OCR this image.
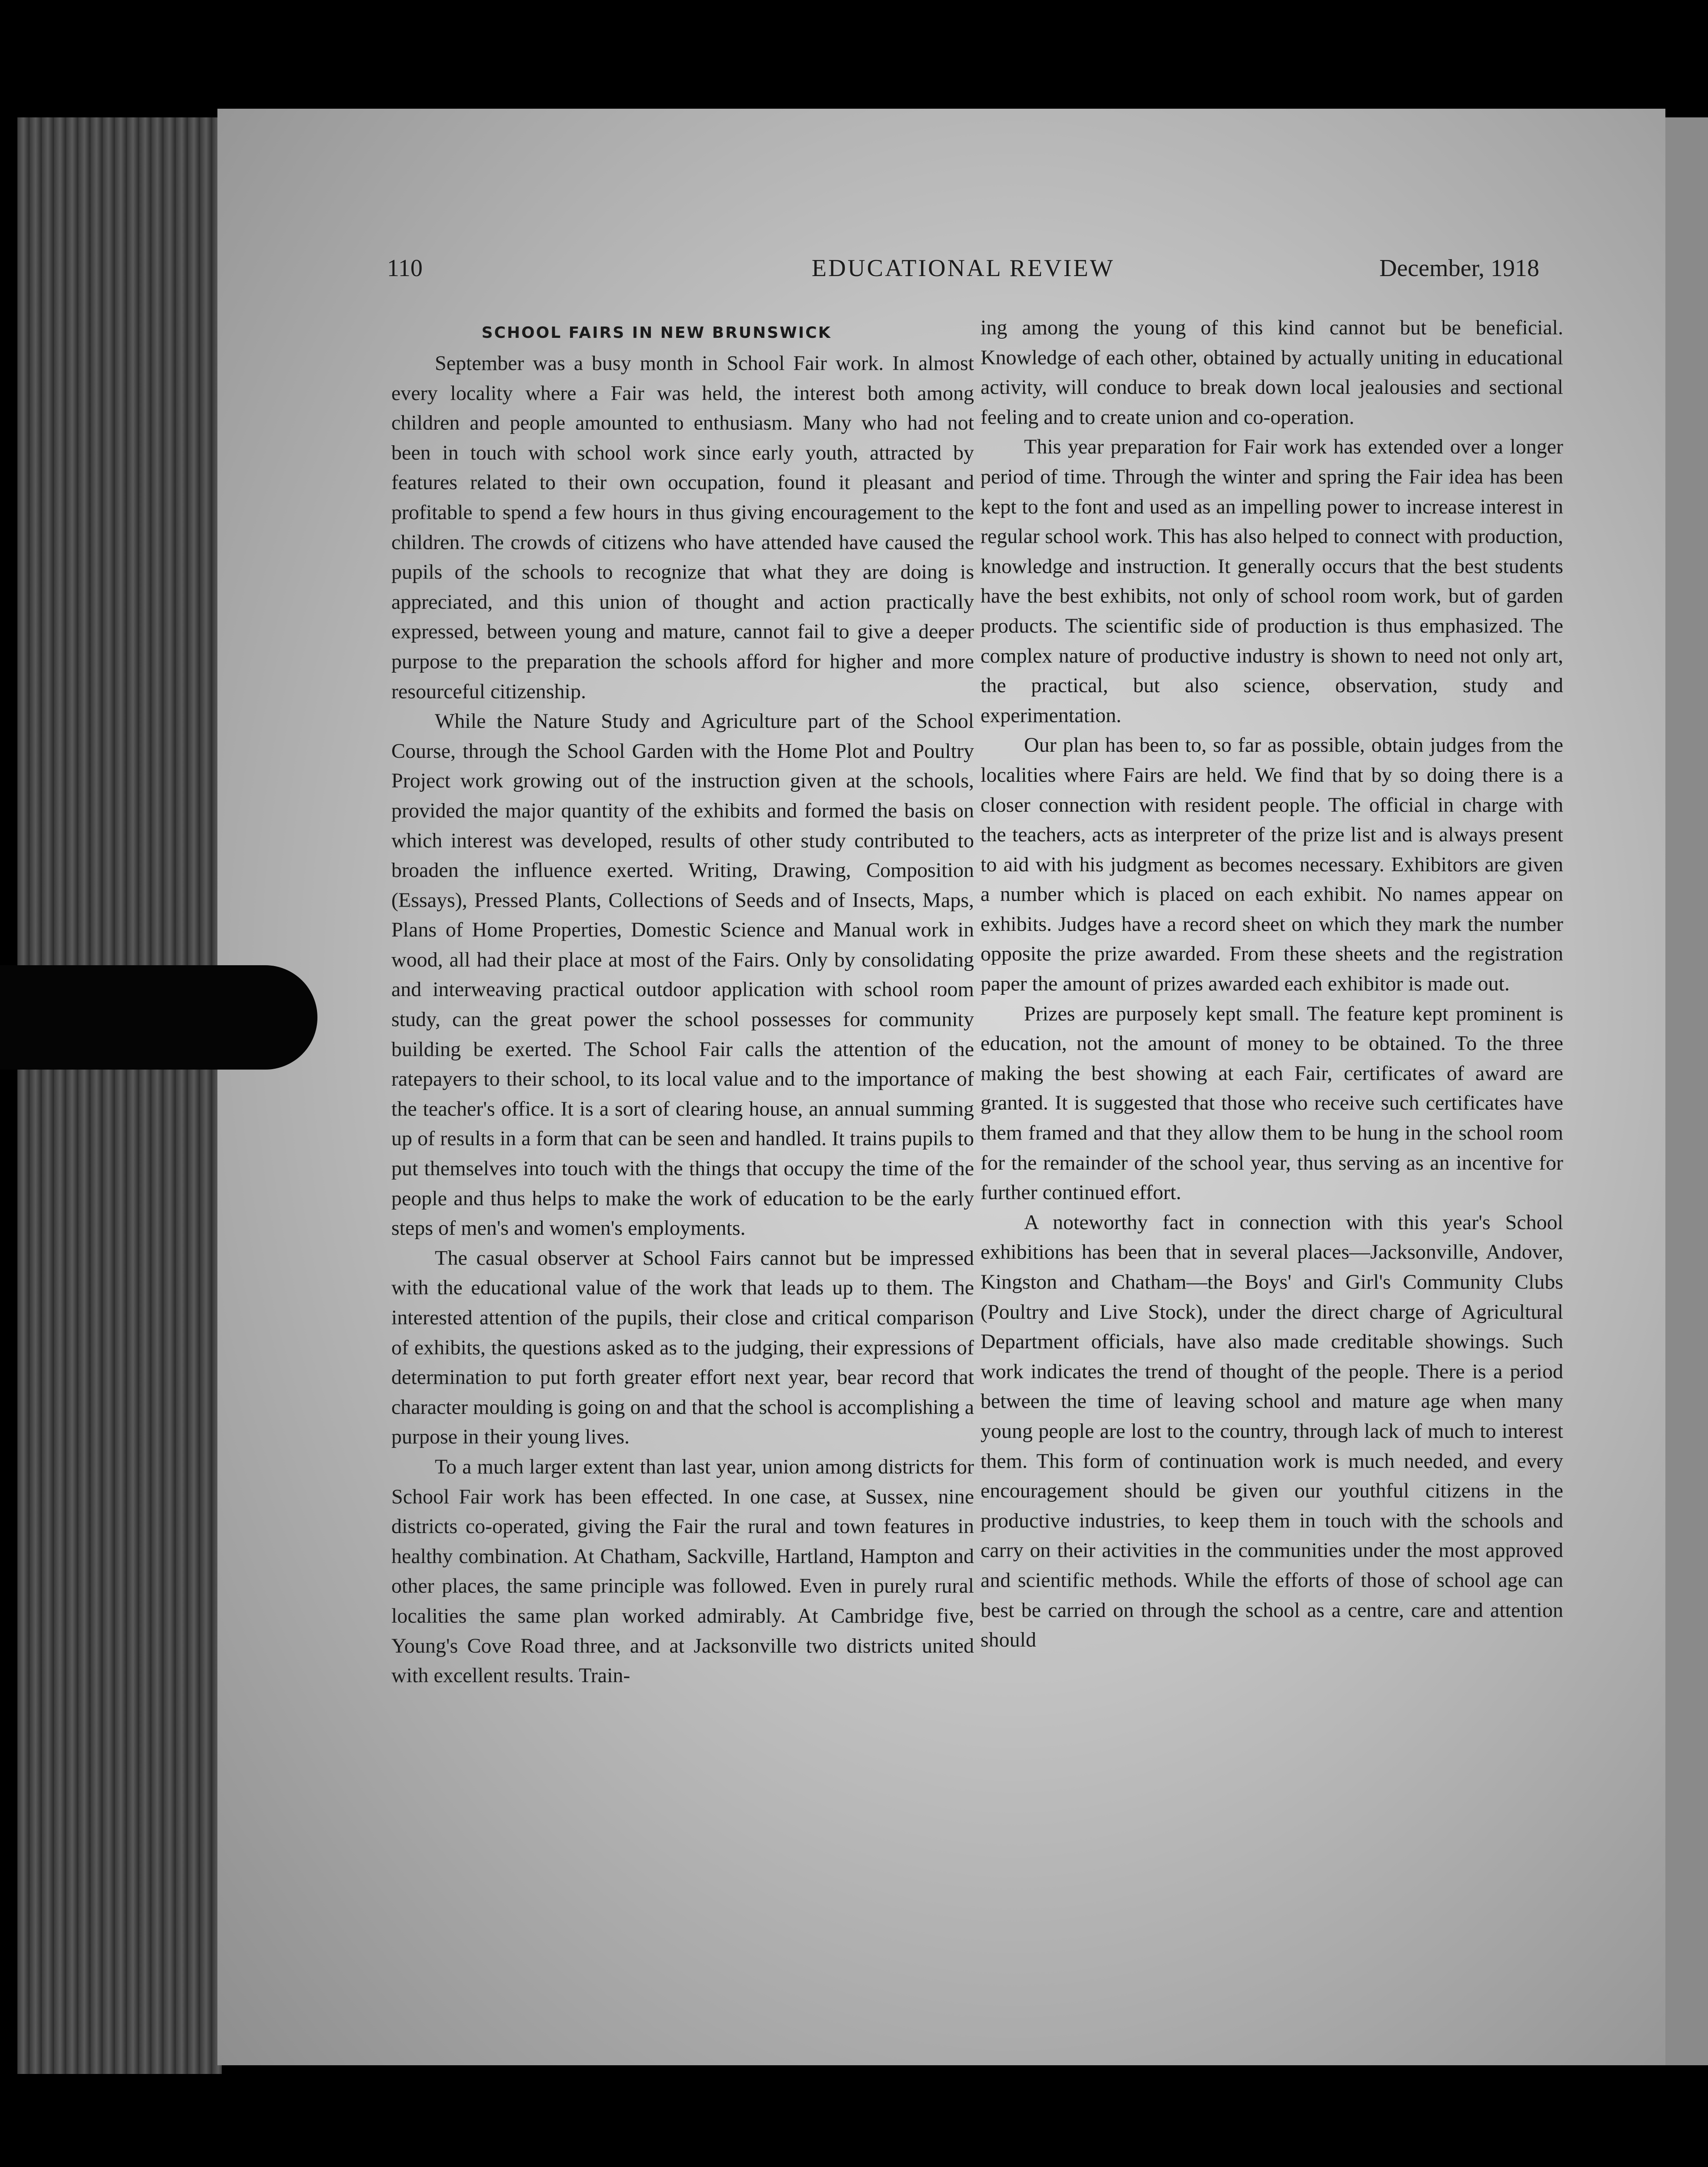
110	EDUCATIONAL REVIEW	December, 1918
SCHOOL FAIRS IN NEW BRUNSWICK

September was a busy month in School Fair work. In almost every locality where a Fair was held, the interest both among children and people amounted to enthusiasm. Many who had not been in touch with school work since early youth, attracted by features related to their own occupation, found it pleasant and profitable to spend a few hours in thus giving encouragement to the children. The crowds of citizens who have attended have caused the pupils of the schools to recognize that what they are doing is appreciated, and this union of thought and action practically expressed, between young and mature, cannot fail to give a deeper purpose to the preparation the schools afford for higher and more resourceful citizenship.

While the Nature Study and Agriculture part of the School Course, through the School Garden with the Home Plot and Poultry Project work growing out of the instruction given at the schools, provided the major quantity of the exhibits and formed the basis on which interest was developed, results of other study contributed to broaden the influence exerted. Writing, Drawing, Composition (Essays), Pressed Plants, Collections of Seeds and of Insects, Maps, Plans of Home Properties, Domestic Science and Manual work in wood, all had their place at most of the Fairs. Only by consolidating and interweaving practical outdoor application with school room study, can the great power the school possesses for community building be exerted. The School Fair calls the attention of the ratepayers to their school, to its local value and to the importance of the teacher's office. It is a sort of clearing house, an annual summing up of results in a form that can be seen and handled. It trains pupils to put themselves into touch with the things that occupy the time of the people and thus helps to make the work of education to be the early steps of men's and women's employments.

The casual observer at School Fairs cannot but be impressed with the educational value of the work that leads up to them. The interested attention of the pupils, their close and critical comparison of exhibits, the questions asked as to the judging, their expressions of determination to put forth greater effort next year, bear record that character moulding is going on and that the school is accomplishing a purpose in their young lives.

To a much larger extent than last year, union among districts for School Fair work has been effected. In one case, at Sussex, nine districts co-operated, giving the Fair the rural and town features in healthy combination. At Chatham, Sackville, Hartland, Hampton and other places, the same principle was followed. Even in purely rural localities the same plan worked admirably. At Cambridge five, Young's Cove Road three, and at Jacksonville two districts united with excellent results. Train-

ing among the young of this kind cannot but be beneficial. Knowledge of each other, obtained by actually uniting in educational activity, will conduce to break down local jealousies and sectional feeling and to create union and co-operation.

This year preparation for Fair work has extended over a longer period of time. Through the winter and spring the Fair idea has been kept to the font and used as an impelling power to increase interest in regular school work. This has also helped to connect with production, knowledge and instruction. It generally occurs that the best students have the best exhibits, not only of school room work, but of garden products. The scientific side of production is thus emphasized. The complex nature of productive industry is shown to need not only art, the practical, but also science, observation, study and experimentation.

Our plan has been to, so far as possible, obtain judges from the localities where Fairs are held. We find that by so doing there is a closer connection with resident people. The official in charge with the teachers, acts as interpreter of the prize list and is always present to aid with his judgment as becomes necessary. Exhibitors are given a number which is placed on each exhibit. No names appear on exhibits. Judges have a record sheet on which they mark the number opposite the prize awarded. From these sheets and the registration paper the amount of prizes awarded each exhibitor is made out.

Prizes are purposely kept small. The feature kept prominent is education, not the amount of money to be obtained. To the three making the best showing at each Fair, certificates of award are granted. It is suggested that those who receive such certificates have them framed and that they allow them to be hung in the school room for the remainder of the school year, thus serving as an incentive for further continued effort.

A noteworthy fact in connection with this year's School exhibitions has been that in several places—Jacksonville, Andover, Kingston and Chatham—the Boys' and Girl's Community Clubs (Poultry and Live Stock), under the direct charge of Agricultural Department officials, have also made creditable showings. Such work indicates the trend of thought of the people. There is a period between the time of leaving school and mature age when many young people are lost to the country, through lack of much to interest them. This form of continuation work is much needed, and every encouragement should be given our youthful citizens in the productive industries, to keep them in touch with the schools and carry on their activities in the communities under the most approved and scientific methods. While the efforts of those of school age can best be carried on through the school as a centre, care and attention should
